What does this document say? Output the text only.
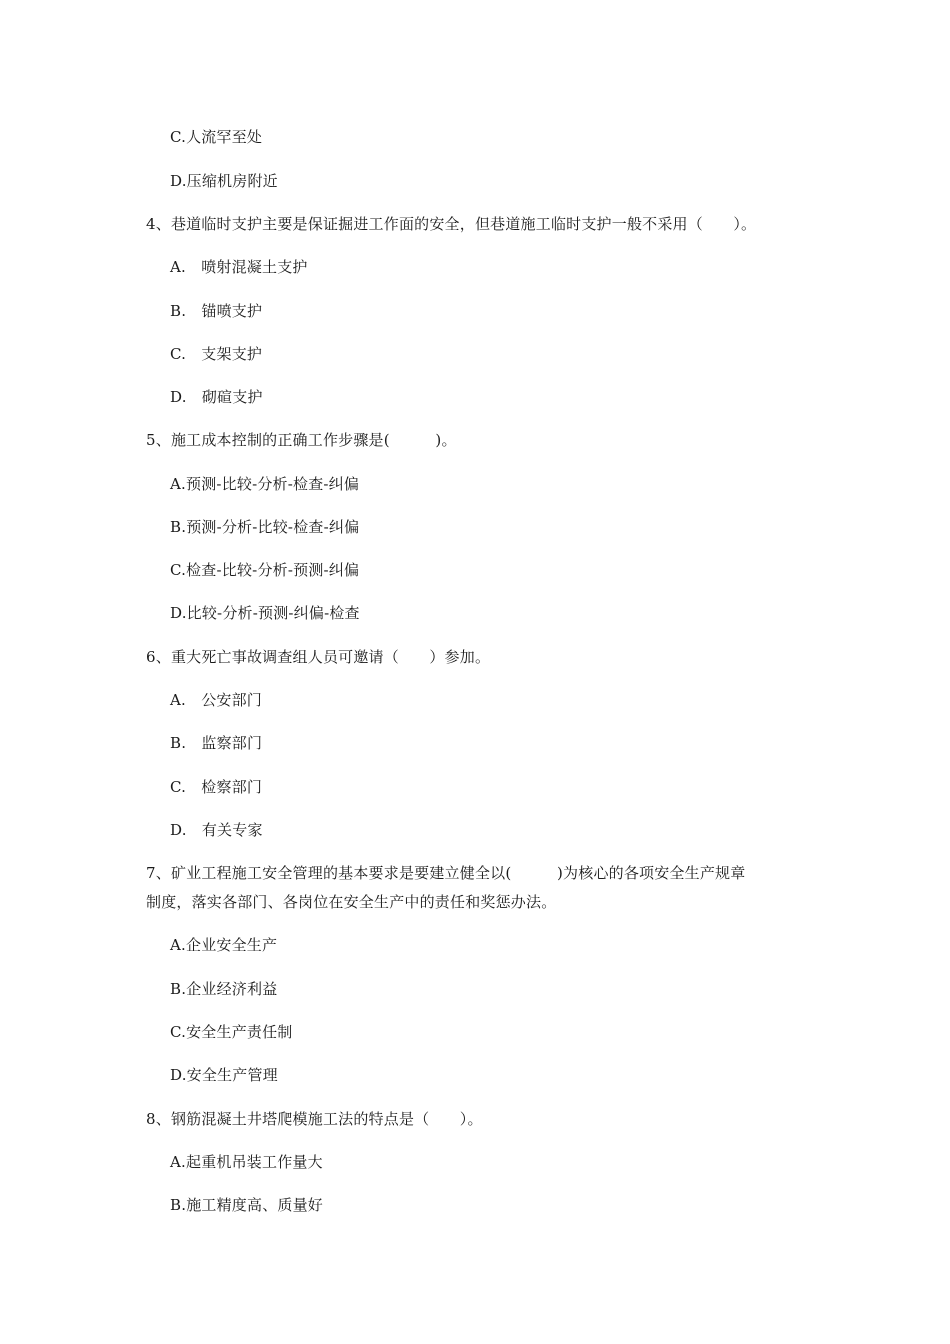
C.人流罕至处
D.压缩机房附近
4、巷道临时支护主要是保证掘进工作面的安全，但巷道施工临时支护一般不采用（　　）。
A.　喷射混凝土支护
B.　锚喷支护
C.　支架支护
D.　砌碹支护
5、施工成本控制的正确工作步骤是(　　　)。
A.预测-比较-分析-检查-纠偏
B.预测-分析-比较-检查-纠偏
C.检查-比较-分析-预测-纠偏
D.比较-分析-预测-纠偏-检查
6、重大死亡事故调查组人员可邀请（　　）参加。
A.　公安部门
B.　监察部门
C.　检察部门
D.　有关专家
7、矿业工程施工安全管理的基本要求是要建立健全以(　　　)为核心的各项安全生产规章
制度，落实各部门、各岗位在安全生产中的责任和奖惩办法。
A.企业安全生产
B.企业经济利益
C.安全生产责任制
D.安全生产管理
8、钢筋混凝土井塔爬模施工法的特点是（　　）。
A.起重机吊装工作量大
B.施工精度高、质量好
